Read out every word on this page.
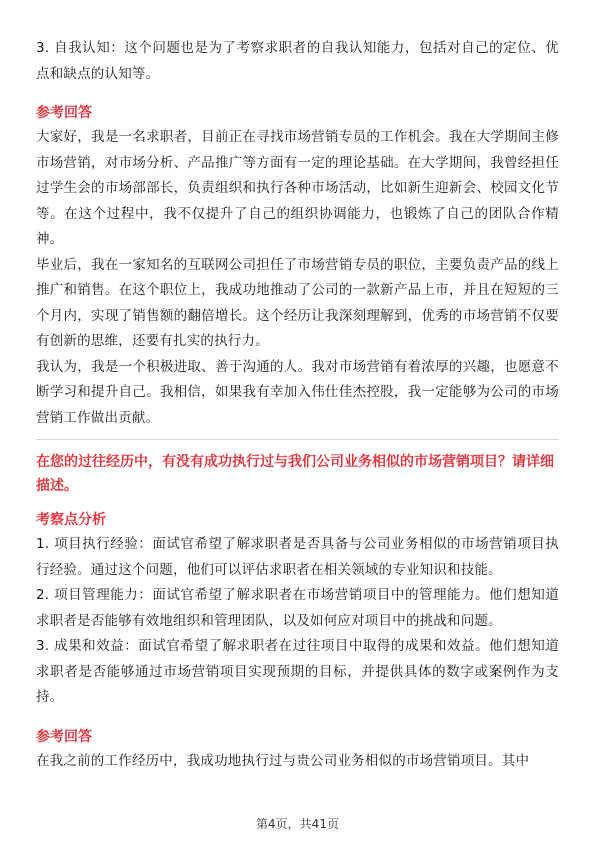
3. 自我认知：这个问题也是为了考察求职者的自我认知能力，包括对自己的定位、优点和缺点的认知等。

参考回答

大家好，我是一名求职者，目前正在寻找市场营销专员的工作机会。我在大学期间主修市场营销，对市场分析、产品推广等方面有一定的理论基础。在大学期间，我曾经担任过学生会的市场部部长，负责组织和执行各种市场活动，比如新生迎新会、校园文化节等。在这个过程中，我不仅提升了自己的组织协调能力，也锻炼了自己的团队合作精神。

毕业后，我在一家知名的互联网公司担任了市场营销专员的职位，主要负责产品的线上推广和销售。在这个职位上，我成功地推动了公司的一款新产品上市，并且在短短的三个月内，实现了销售额的翻倍增长。这个经历让我深刻理解到，优秀的市场营销不仅要有创新的思维，还要有扎实的执行力。

我认为，我是一个积极进取、善于沟通的人。我对市场营销有着浓厚的兴趣，也愿意不断学习和提升自己。我相信，如果我有幸加入伟仕佳杰控股，我一定能够为公司的市场营销工作做出贡献。

在您的过往经历中，有没有成功执行过与我们公司业务相似的市场营销项目？请详细描述。
考察点分析

1. 项目执行经验：面试官希望了解求职者是否具备与公司业务相似的市场营销项目执行经验。通过这个问题，他们可以评估求职者在相关领域的专业知识和技能。

2. 项目管理能力：面试官希望了解求职者在市场营销项目中的管理能力。他们想知道求职者是否能够有效地组织和管理团队，以及如何应对项目中的挑战和问题。

3. 成果和效益：面试官希望了解求职者在过往项目中取得的成果和效益。他们想知道求职者是否能够通过市场营销项目实现预期的目标，并提供具体的数字或案例作为支持。

参考回答

在我之前的工作经历中，我成功地执行过与贵公司业务相似的市场营销项目。其中

第4页，共41页
